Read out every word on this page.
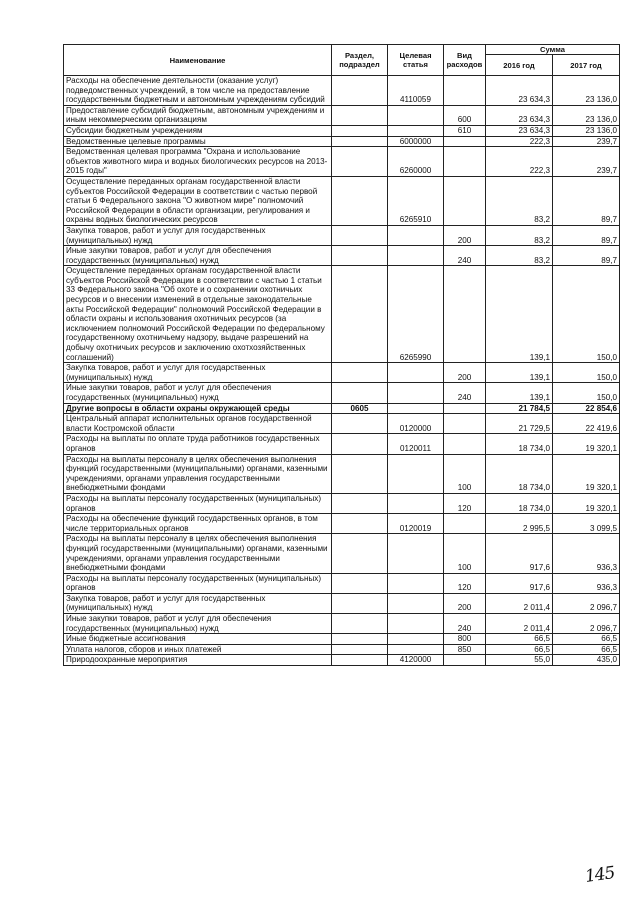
Наименование	Раздел, подраздел	Целевая статья	Вид расходов	Сумма	
				2016 год	2017 год
Расходы на обеспечение деятельности (оказание услуг) подведомственных учреждений, в том числе на предоставление государственным бюджетным и автономным учреждениям субсидий		4110059		23 634,3	23 136,0
Предоставление субсидий бюджетным, автономным учреждениям и иным некоммерческим организациям			600	23 634,3	23 136,0
Субсидии бюджетным учреждениям			610	23 634,3	23 136,0
Ведомственные целевые программы		6000000		222,3	239,7
Ведомственная целевая программа "Охрана и использование объектов животного мира и водных биологических ресурсов на 2013-2015 годы"		6260000		222,3	239,7
Осуществление переданных органам государственной власти субъектов Российской Федерации в соответствии с частью первой статьи 6 Федерального закона "О животном мире" полномочий Российской Федерации в области организации, регулирования и охраны водных биологических ресурсов		6265910		83,2	89,7
Закупка товаров, работ и услуг для государственных (муниципальных) нужд			200	83,2	89,7
Иные закупки товаров, работ и услуг для обеспечения государственных (муниципальных) нужд			240	83,2	89,7
Осуществление переданных органам государственной власти субъектов Российской Федерации в соответствии с частью 1 статьи 33 Федерального закона "Об охоте и о сохранении охотничьих ресурсов и о внесении изменений в отдельные законодательные акты Российской Федерации" полномочий Российской Федерации в области охраны и использования охотничьих ресурсов (за исключением полномочий Российской Федерации по федеральному государственному охотничьему надзору, выдаче разрешений на добычу охотничьих ресурсов и заключению охотхозяйственных соглашений)		6265990		139,1	150,0
Закупка товаров, работ и услуг для государственных (муниципальных) нужд			200	139,1	150,0
Иные закупки товаров, работ и услуг для обеспечения государственных (муниципальных) нужд			240	139,1	150,0
Другие вопросы в области охраны окружающей среды	0605			21 784,5	22 854,6
Центральный аппарат исполнительных органов государственной власти Костромской области		0120000		21 729,5	22 419,6
Расходы на выплаты по оплате труда работников государственных органов		0120011		18 734,0	19 320,1
Расходы на выплаты персоналу в целях обеспечения выполнения функций государственными (муниципальными) органами, казенными учреждениями, органами управления государственными внебюджетными фондами			100	18 734,0	19 320,1
Расходы на выплаты персоналу государственных (муниципальных) органов			120	18 734,0	19 320,1
Расходы на обеспечение функций государственных органов, в том числе территориальных органов		0120019		2 995,5	3 099,5
Расходы на выплаты персоналу в целях обеспечения выполнения функций государственными (муниципальными) органами, казенными учреждениями, органами управления государственными внебюджетными фондами			100	917,6	936,3
Расходы на выплаты персоналу государственных (муниципальных) органов			120	917,6	936,3
Закупка товаров, работ и услуг для государственных (муниципальных) нужд			200	2 011,4	2 096,7
Иные закупки товаров, работ и услуг для обеспечения государственных (муниципальных) нужд			240	2 011,4	2 096,7
Иные бюджетные ассигнования			800	66,5	66,5
Уплата налогов, сборов и иных платежей			850	66,5	66,5
Природоохранные мероприятия		4120000		55,0	435,0
145
